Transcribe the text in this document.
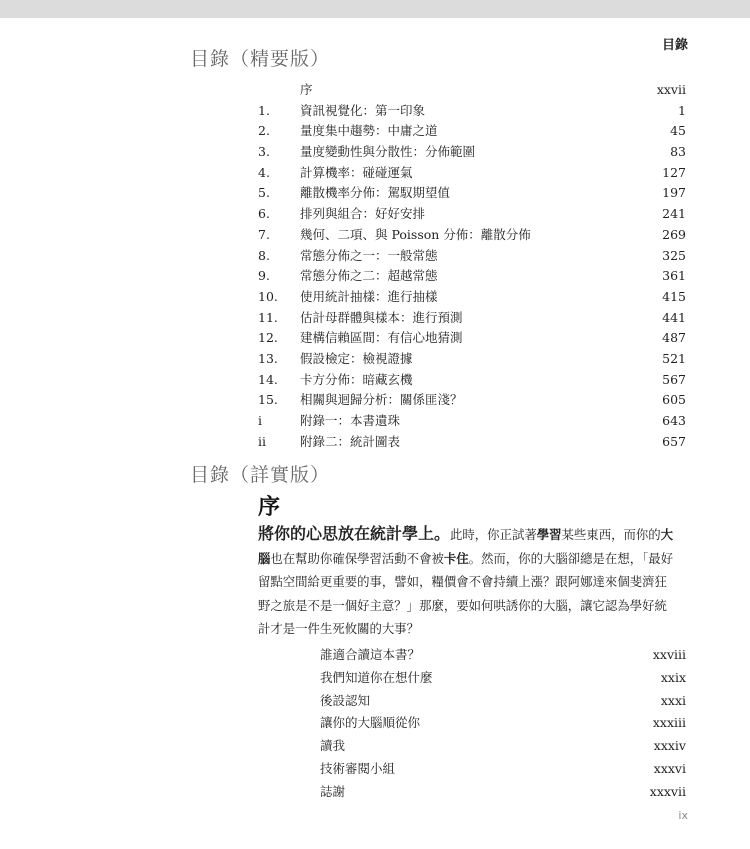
目錄
目錄（精要版）
序	xxvii
1.	資訊視覺化：第一印象	1
2.	量度集中趨勢：中庸之道	45
3.	量度變動性與分散性：分佈範圍	83
4.	計算機率：碰碰運氣	127
5.	離散機率分佈：駕馭期望值	197
6.	排列與組合：好好安排	241
7.	幾何、二項、與 Poisson 分佈：離散分佈	269
8.	常態分佈之一：一般常態	325
9.	常態分佈之二：超越常態	361
10.	使用統計抽樣：進行抽樣	415
11.	估計母群體與樣本：進行預測	441
12.	建構信賴區間：有信心地猜測	487
13.	假設檢定：檢視證據	521
14.	卡方分佈：暗藏玄機	567
15.	相關與迴歸分析：關係匪淺？	605
i	附錄一：本書遺珠	643
ii	附錄二：統計圖表	657
目錄（詳實版）
序
將你的心思放在統計學上。此時，你正試著學習某些東西，而你的大腦也在幫助你確保學習活動不會被卡住。然而，你的大腦卻總是在想，「最好留點空間給更重要的事，譬如，糧價會不會持續上漲？跟阿娜達來個斐濟狂野之旅是不是一個好主意？」那麼，要如何哄誘你的大腦，讓它認為學好統計才是一件生死攸關的大事？
誰適合讀這本書？	xxviii
我們知道你在想什麼	xxix
後設認知	xxxi
讓你的大腦順從你	xxxiii
讀我	xxxiv
技術審閱小組	xxxvi
誌謝	xxxvii
ix
